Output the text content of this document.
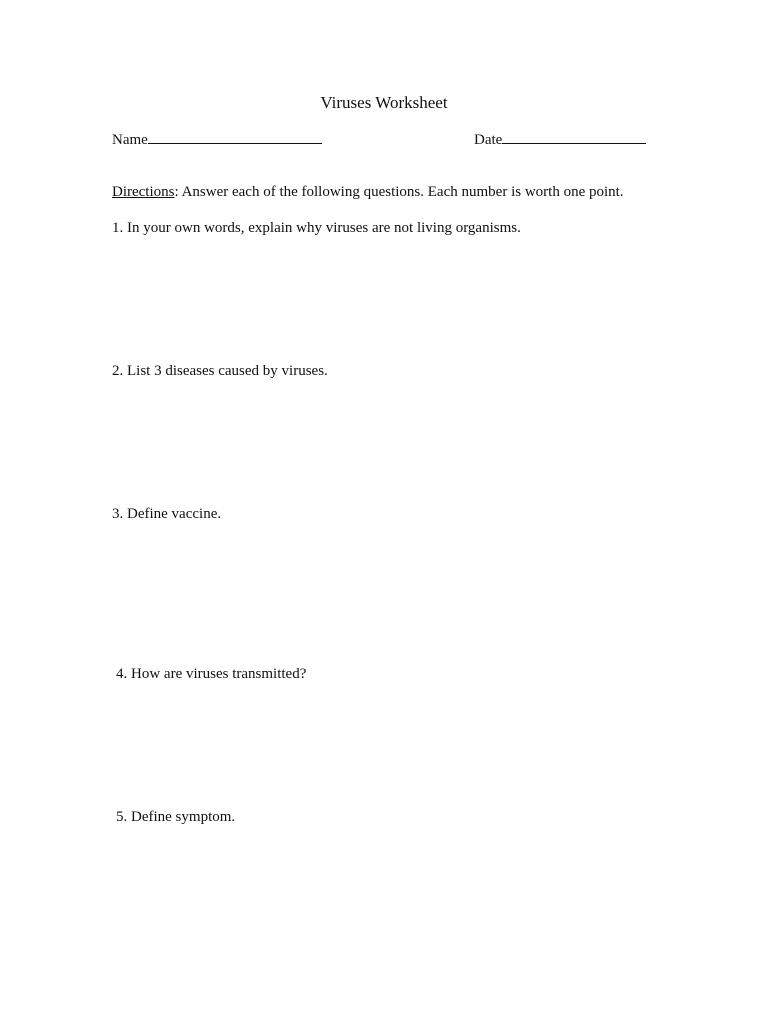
Viruses Worksheet
Name	Date
Directions: Answer each of the following questions. Each number is worth one point.
1. In your own words, explain why viruses are not living organisms.
2. List 3 diseases caused by viruses.
3. Define vaccine.
4. How are viruses transmitted?
5. Define symptom.
